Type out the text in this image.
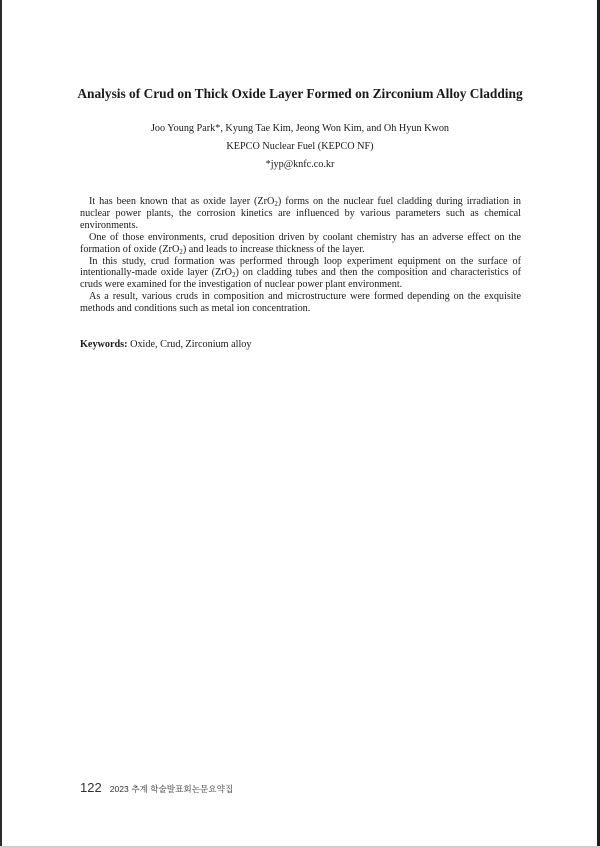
Analysis of Crud on Thick Oxide Layer Formed on Zirconium Alloy Cladding
Joo Young Park*, Kyung Tae Kim, Jeong Won Kim, and Oh Hyun Kwon
KEPCO Nuclear Fuel (KEPCO NF)
*jyp@knfc.co.kr

It has been known that as oxide layer (ZrO$_2$) forms on the nuclear fuel cladding during irradiation in nuclear power plants, the corrosion kinetics are influenced by various parameters such as chemical environments.

One of those environments, crud deposition driven by coolant chemistry has an adverse effect on the formation of oxide (ZrO$_2$) and leads to increase thickness of the layer.

In this study, crud formation was performed through loop experiment equipment on the surface of intentionally-made oxide layer (ZrO$_2$) on cladding tubes and then the composition and characteristics of cruds were examined for the investigation of nuclear power plant environment.

As a result, various cruds in composition and microstructure were formed depending on the exquisite methods and conditions such as metal ion concentration.

Keywords: Oxide, Crud, Zirconium alloy
122 2023 추계 학술발표회논문요약집
